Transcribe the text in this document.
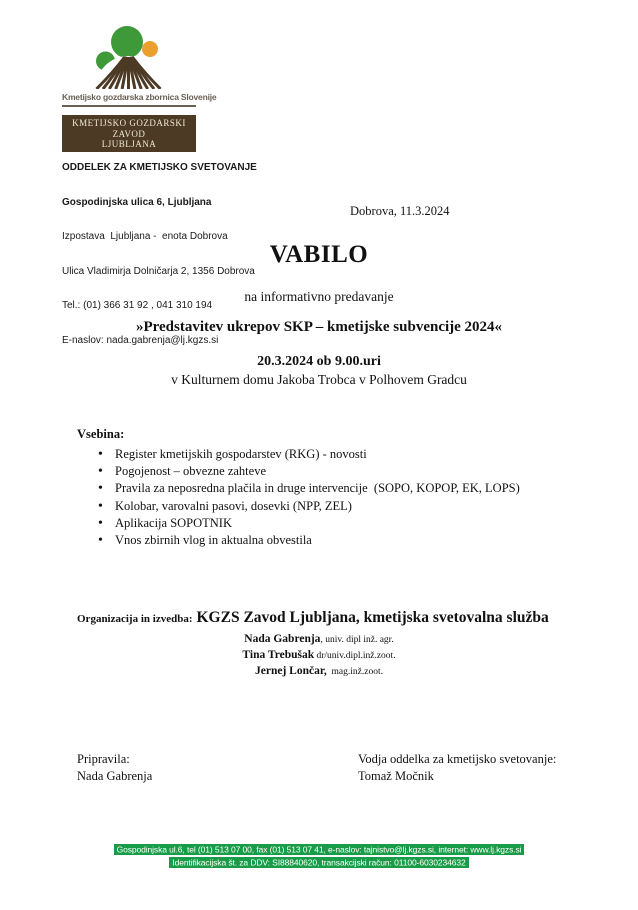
Kmetijsko gozdarska zbornica Slovenije
KMETIJSKO GOZDARSKI ZAVOD
LJUBLJANA

ODDELEK ZA KMETIJSKO SVETOVANJE

Gospodinjska ulica 6, Ljubljana

Izpostava  Ljubljana -  enota Dobrova

Ulica Vladimirja Dolničarja 2, 1356 Dobrova

Tel.: (01) 366 31 92 , 041 310 194

E-naslov: nada.gabrenja@lj.kgzs.si

Dobrova, 11.3.2024
VABILO
na informativno predavanje
»Predstavitev ukrepov SKP – kmetijske subvencije 2024«
20.3.2024 ob 9.00.uri
v Kulturnem domu Jakoba Trobca v Polhovem Gradcu
Vsebina:
• Register kmetijskih gospodarstev (RKG) - novosti
• Pogojenost – obvezne zahteve
• Pravila za neposredna plačila in druge intervencije  (SOPO, KOPOP, EK, LOPS)
• Kolobar, varovalni pasovi, dosevki (NPP, ZEL)
• Aplikacija SOPOTNIK
• Vnos zbirnih vlog in aktualna obvestila
Organizacija in izvedba: KGZS Zavod Ljubljana, kmetijska svetovalna služba
Nada Gabrenja, univ. dipl inž. agr.
Tina Trebušak dr/univ.dipl.inž.zoot.
Jernej Lončar,  mag.inž.zoot.
Pripravila:
Nada Gabrenja
Vodja oddelka za kmetijsko svetovanje:
Tomaž Močnik

Gospodinjska ul.6, tel (01) 513 07 00, fax (01) 513 07 41, e-naslov: tajnistvo@lj.kgzs.si, internet: www.lj.kgzs.si

Identifikacijska št. za DDV: SI88840620, transakcijski račun: 01100-6030234632
